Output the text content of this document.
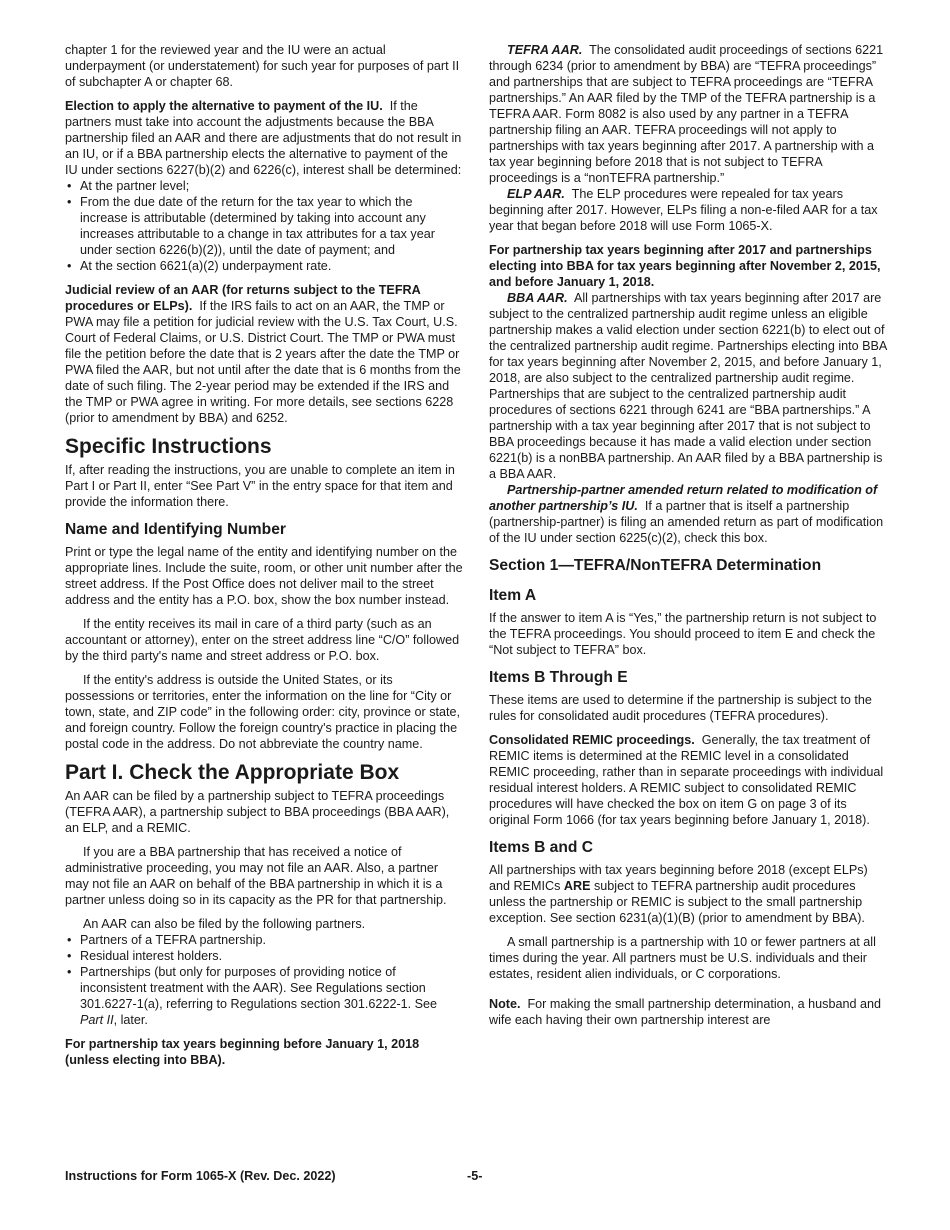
chapter 1 for the reviewed year and the IU were an actual underpayment (or understatement) for such year for purposes of part II of subchapter A or chapter 68.

Election to apply the alternative to payment of the IU. If the partners must take into account the adjustments because the BBA partnership filed an AAR and there are adjustments that do not result in an IU, or if a BBA partnership elects the alternative to payment of the IU under sections 6227(b)(2) and 6226(c), interest shall be determined:

• At the partner level;
• From the due date of the return for the tax year to which the increase is attributable (determined by taking into account any increases attributable to a change in tax attributes for a tax year under section 6226(b)(2)), until the date of payment; and
• At the section 6621(a)(2) underpayment rate.

Judicial review of an AAR (for returns subject to the TEFRA procedures or ELPs). If the IRS fails to act on an AAR, the TMP or PWA may file a petition for judicial review with the U.S. Tax Court, U.S. Court of Federal Claims, or U.S. District Court. The TMP or PWA must file the petition before the date that is 2 years after the date the TMP or PWA filed the AAR, but not until after the date that is 6 months from the date of such filing. The 2-year period may be extended if the IRS and the TMP or PWA agree in writing. For more details, see sections 6228 (prior to amendment by BBA) and 6252.

Specific Instructions

If, after reading the instructions, you are unable to complete an item in Part I or Part II, enter “See Part V” in the entry space for that item and provide the information there.

Name and Identifying Number

Print or type the legal name of the entity and identifying number on the appropriate lines. Include the suite, room, or other unit number after the street address. If the Post Office does not deliver mail to the street address and the entity has a P.O. box, show the box number instead.

If the entity receives its mail in care of a third party (such as an accountant or attorney), enter on the street address line “C/O” followed by the third party's name and street address or P.O. box.

If the entity's address is outside the United States, or its possessions or territories, enter the information on the line for “City or town, state, and ZIP code” in the following order: city, province or state, and foreign country. Follow the foreign country's practice in placing the postal code in the address. Do not abbreviate the country name.

Part I. Check the Appropriate Box

An AAR can be filed by a partnership subject to TEFRA proceedings (TEFRA AAR), a partnership subject to BBA proceedings (BBA AAR), an ELP, and a REMIC.

If you are a BBA partnership that has received a notice of administrative proceeding, you may not file an AAR. Also, a partner may not file an AAR on behalf of the BBA partnership in which it is a partner unless doing so in its capacity as the PR for that partnership.

An AAR can also be filed by the following partners.

• Partners of a TEFRA partnership.
• Residual interest holders.
• Partnerships (but only for purposes of providing notice of inconsistent treatment with the AAR). See Regulations section 301.6227-1(a), referring to Regulations section 301.6222-1. See Part II, later.

For partnership tax years beginning before January 1, 2018 (unless electing into BBA).

TEFRA AAR. The consolidated audit proceedings of sections 6221 through 6234 (prior to amendment by BBA) are “TEFRA proceedings” and partnerships that are subject to TEFRA proceedings are “TEFRA partnerships.” An AAR filed by the TMP of the TEFRA partnership is a TEFRA AAR. Form 8082 is also used by any partner in a TEFRA partnership filing an AAR. TEFRA proceedings will not apply to partnerships with tax years beginning after 2017. A partnership with a tax year beginning before 2018 that is not subject to TEFRA proceedings is a “nonTEFRA partnership.”

ELP AAR. The ELP procedures were repealed for tax years beginning after 2017. However, ELPs filing a non-e-filed AAR for a tax year that began before 2018 will use Form 1065-X.

For partnership tax years beginning after 2017 and partnerships electing into BBA for tax years beginning after November 2, 2015, and before January 1, 2018.

BBA AAR. All partnerships with tax years beginning after 2017 are subject to the centralized partnership audit regime unless an eligible partnership makes a valid election under section 6221(b) to elect out of the centralized partnership audit regime. Partnerships electing into BBA for tax years beginning after November 2, 2015, and before January 1, 2018, are also subject to the centralized partnership audit regime. Partnerships that are subject to the centralized partnership audit procedures of sections 6221 through 6241 are “BBA partnerships.” A partnership with a tax year beginning after 2017 that is not subject to BBA proceedings because it has made a valid election under section 6221(b) is a nonBBA partnership. An AAR filed by a BBA partnership is a BBA AAR.

Partnership-partner amended return related to modification of another partnership’s IU. If a partner that is itself a partnership (partnership-partner) is filing an amended return as part of modification of the IU under section 6225(c)(2), check this box.

Section 1—TEFRA/NonTEFRA Determination
Item A

If the answer to item A is “Yes,” the partnership return is not subject to the TEFRA proceedings. You should proceed to item E and check the “Not subject to TEFRA” box.

Items B Through E

These items are used to determine if the partnership is subject to the rules for consolidated audit procedures (TEFRA procedures).

Consolidated REMIC proceedings. Generally, the tax treatment of REMIC items is determined at the REMIC level in a consolidated REMIC proceeding, rather than in separate proceedings with individual residual interest holders. A REMIC subject to consolidated REMIC procedures will have checked the box on item G on page 3 of its original Form 1066 (for tax years beginning before January 1, 2018).

Items B and C

All partnerships with tax years beginning before 2018 (except ELPs) and REMICs ARE subject to TEFRA partnership audit procedures unless the partnership or REMIC is subject to the small partnership exception. See section 6231(a)(1)(B) (prior to amendment by BBA).

A small partnership is a partnership with 10 or fewer partners at all times during the year. All partners must be U.S. individuals and their estates, resident alien individuals, or C corporations.

Note. For making the small partnership determination, a husband and wife each having their own partnership interest are

Instructions for Form 1065-X (Rev. Dec. 2022)	-5-
